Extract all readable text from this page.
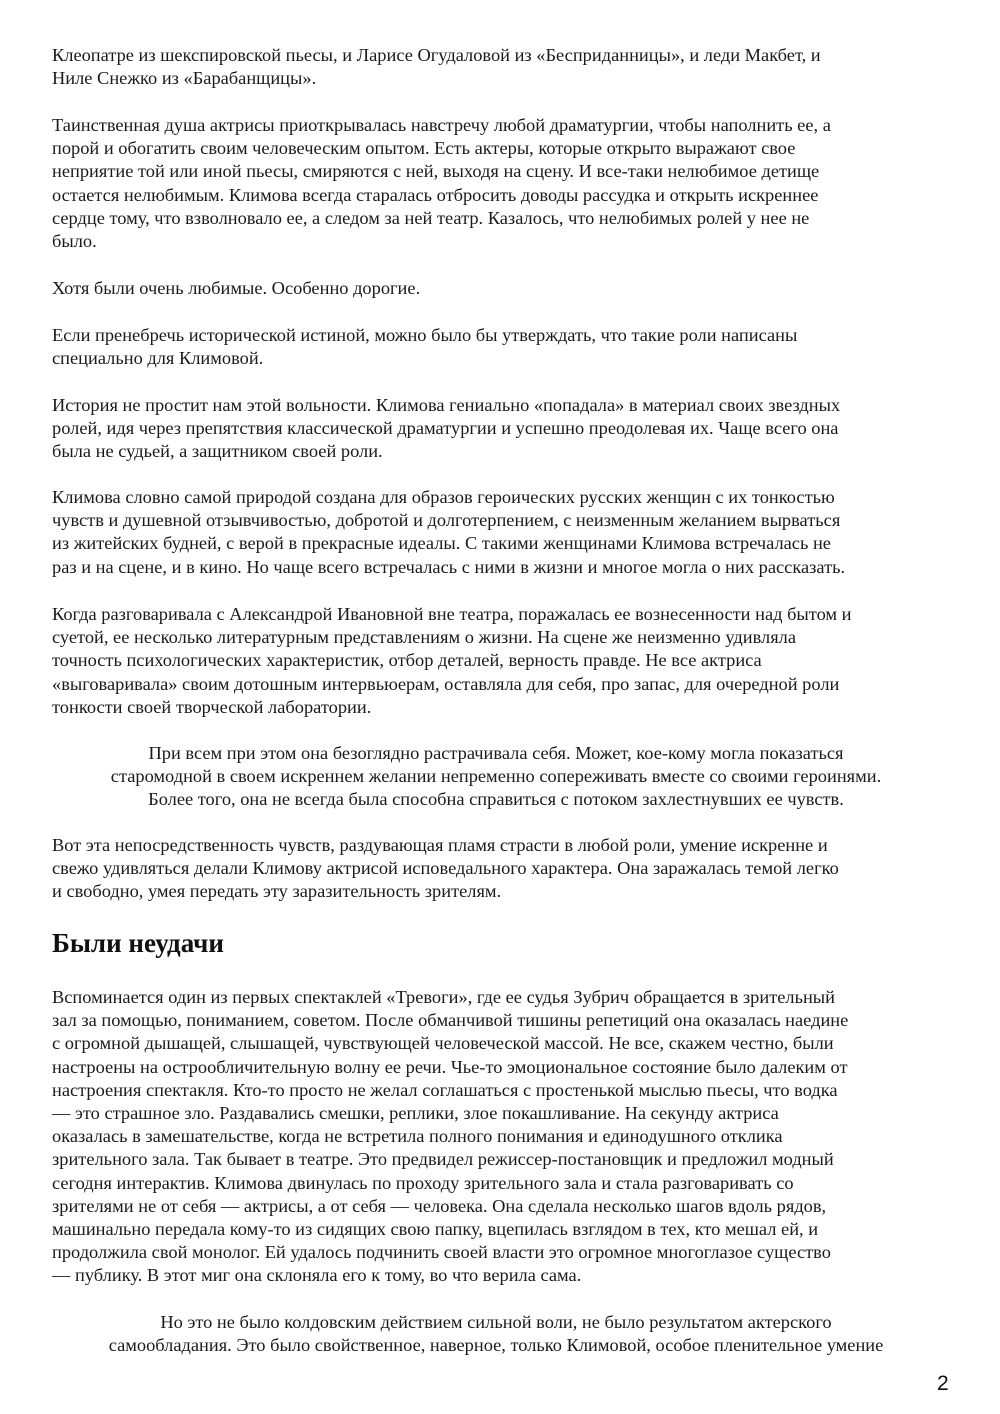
Клеопатре из шекспировской пьесы, и Ларисе Огудаловой из «Бесприданницы», и леди Макбет, и
Ниле Снежко из «Барабанщицы».
Таинственная душа актрисы приоткрывалась навстречу любой драматургии, чтобы наполнить ее, а
порой и обогатить своим человеческим опытом. Есть актеры, которые открыто выражают свое
неприятие той или иной пьесы, смиряются с ней, выходя на сцену. И все-таки нелюбимое детище
остается нелюбимым. Климова всегда старалась отбросить доводы рассудка и открыть искреннее
сердце тому, что взволновало ее, а следом за ней театр. Казалось, что нелюбимых ролей у нее не
было.
Хотя были очень любимые. Особенно дорогие.
Если пренебречь исторической истиной, можно было бы утверждать, что такие роли написаны
специально для Климовой.
История не простит нам этой вольности. Климова гениально «попадала» в материал своих звездных
ролей, идя через препятствия классической драматургии и успешно преодолевая их. Чаще всего она
была не судьей, а защитником своей роли.
Климова словно самой природой создана для образов героических русских женщин с их тонкостью
чувств и душевной отзывчивостью, добротой и долготерпением, с неизменным желанием вырваться
из житейских будней, с верой в прекрасные идеалы. С такими женщинами Климова встречалась не
раз и на сцене, и в кино. Но чаще всего встречалась с ними в жизни и многое могла о них рассказать.
Когда разговаривала с Александрой Ивановной вне театра, поражалась ее вознесенности над бытом и
суетой, ее несколько литературным представлениям о жизни. На сцене же неизменно удивляла
точность психологических характеристик, отбор деталей, верность правде. Не все актриса
«выговаривала» своим дотошным интервьюерам, оставляла для себя, про запас, для очередной роли
тонкости своей творческой лаборатории.
При всем при этом она безоглядно растрачивала себя. Может, кое-кому могла показаться
старомодной в своем искреннем желании непременно сопереживать вместе со своими героинями.
Более того, она не всегда была способна справиться с потоком захлестнувших ее чувств.
Вот эта непосредственность чувств, раздувающая пламя страсти в любой роли, умение искренне и
свежо удивляться делали Климову актрисой исповедального характера. Она заражалась темой легко
и свободно, умея передать эту заразительность зрителям.
Были неудачи
Вспоминается один из первых спектаклей «Тревоги», где ее судья Зубрич обращается в зрительный
зал за помощью, пониманием, советом. После обманчивой тишины репетиций она оказалась наедине
с огромной дышащей, слышащей, чувствующей человеческой массой. Не все, скажем честно, были
настроены на острообличительную волну ее речи. Чье-то эмоциональное состояние было далеким от
настроения спектакля. Кто-то просто не желал соглашаться с простенькой мыслью пьесы, что водка
— это страшное зло. Раздавались смешки, реплики, злое покашливание. На секунду актриса
оказалась в замешательстве, когда не встретила полного понимания и единодушного отклика
зрительного зала. Так бывает в театре. Это предвидел режиссер-постановщик и предложил модный
сегодня интерактив. Климова двинулась по проходу зрительного зала и стала разговаривать со
зрителями не от себя — актрисы, а от себя — человека. Она сделала несколько шагов вдоль рядов,
машинально передала кому-то из сидящих свою папку, вцепилась взглядом в тех, кто мешал ей, и
продолжила свой монолог. Ей удалось подчинить своей власти это огромное многоглазое существо
— публику. В этот миг она склоняла его к тому, во что верила сама.
Но это не было колдовским действием сильной воли, не было результатом актерского
самообладания. Это было свойственное, наверное, только Климовой, особое пленительное умение
2
